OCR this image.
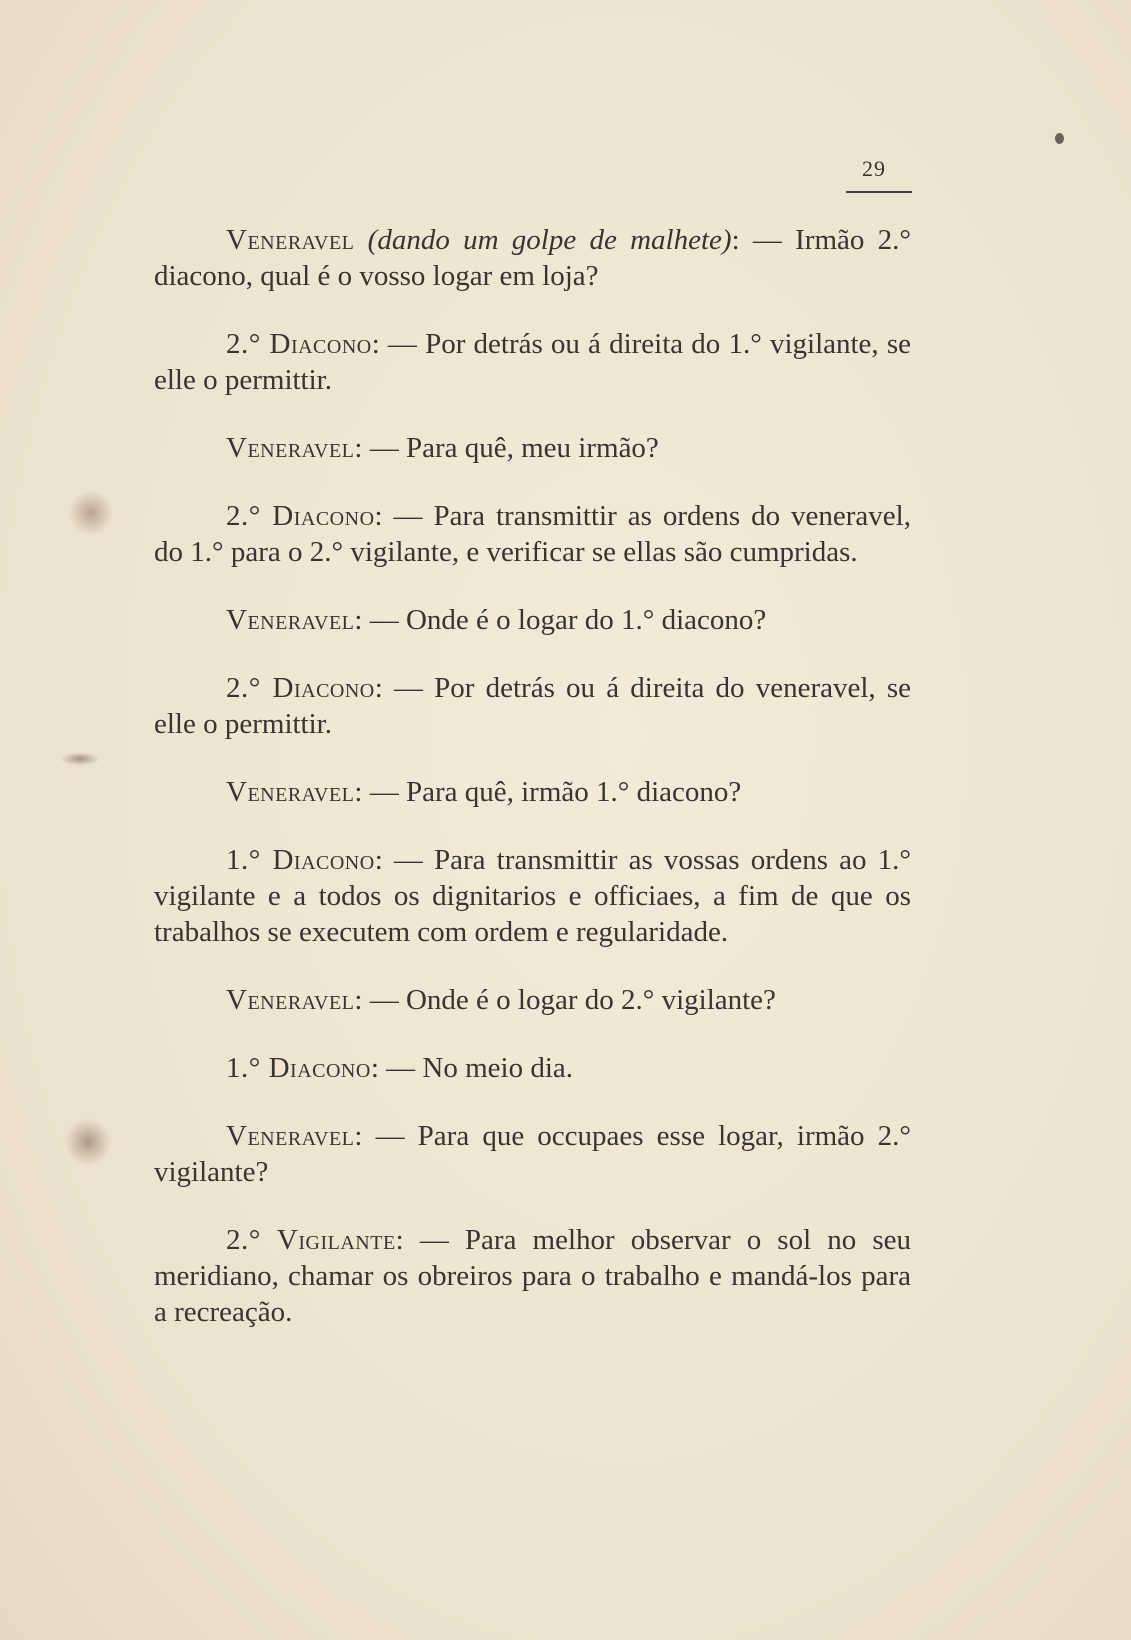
29

Veneravel (dando um golpe de malhete): — Irmão 2.° diacono, qual é o vosso logar em loja?

2.° Diacono: — Por detrás ou á direita do 1.° vigilante, se elle o permittir.

Veneravel: — Para quê, meu irmão?

2.° Diacono: — Para transmittir as ordens do veneravel, do 1.° para o 2.° vigilante, e verificar se ellas são cumpridas.

Veneravel: — Onde é o logar do 1.° diacono?

2.° Diacono: — Por detrás ou á direita do veneravel, se elle o permittir.

Veneravel: — Para quê, irmão 1.° diacono?

1.° Diacono: — Para transmittir as vossas ordens ao 1.° vigilante e a todos os dignitarios e officiaes, a fim de que os trabalhos se executem com ordem e regularidade.

Veneravel: — Onde é o logar do 2.° vigilante?

1.° Diacono: — No meio dia.

Veneravel: — Para que occupaes esse logar, irmão 2.° vigilante?

2.° Vigilante: — Para melhor observar o sol no seu meridiano, chamar os obreiros para o trabalho e mandá-los para a recreação.
